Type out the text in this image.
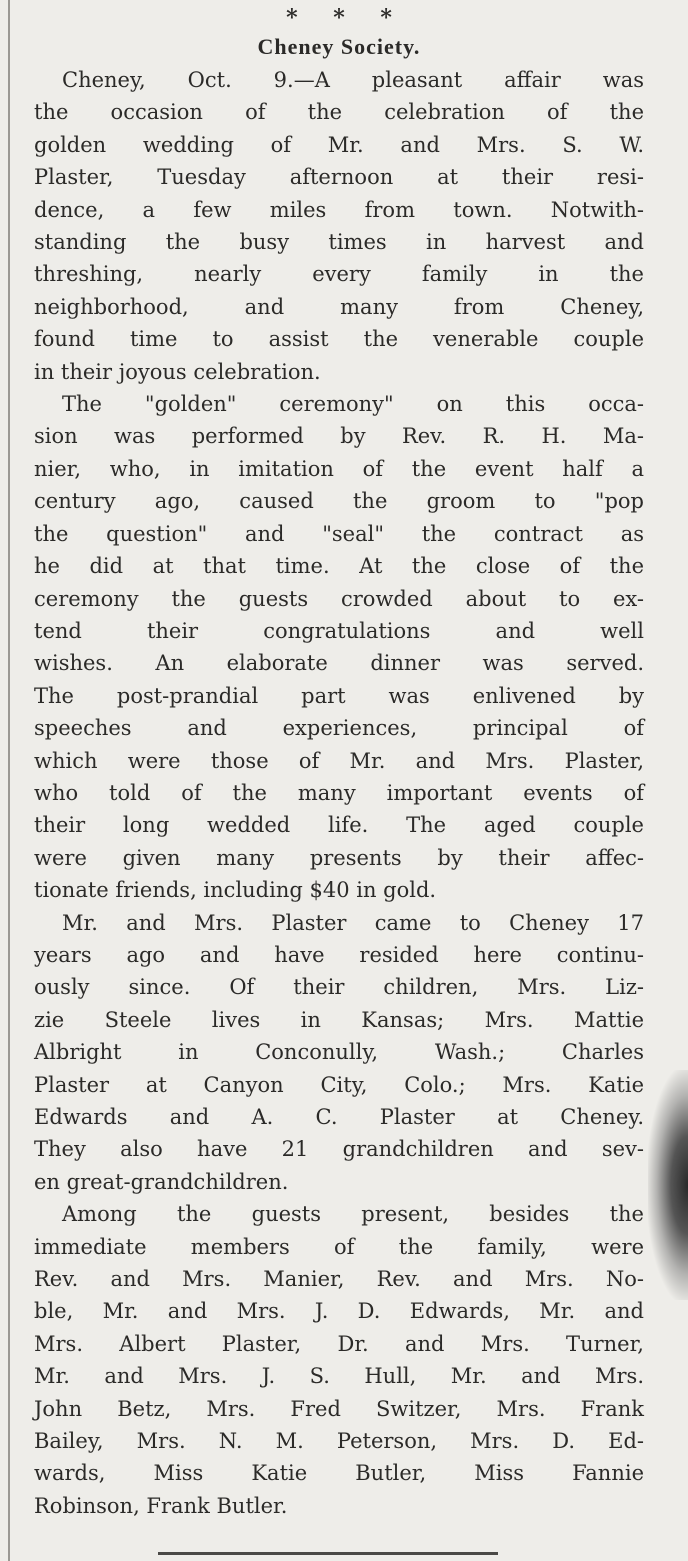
* * *
Cheney Society.
Cheney, Oct. 9.—A pleasant affair was
the occasion of the celebration of the
golden wedding of Mr. and Mrs. S. W.
Plaster, Tuesday afternoon at their resi-
dence, a few miles from town. Notwith-
standing the busy times in harvest and
threshing, nearly every family in the
neighborhood, and many from Cheney,
found time to assist the venerable couple
in their joyous celebration.
The "golden" ceremony" on this occa-
sion was performed by Rev. R. H. Ma-
nier, who, in imitation of the event half a
century ago, caused the groom to "pop
the question" and "seal" the contract as
he did at that time. At the close of the
ceremony the guests crowded about to ex-
tend their congratulations and well
wishes. An elaborate dinner was served.
The post-prandial part was enlivened by
speeches and experiences, principal of
which were those of Mr. and Mrs. Plaster,
who told of the many important events of
their long wedded life. The aged couple
were given many presents by their affec-
tionate friends, including $40 in gold.
Mr. and Mrs. Plaster came to Cheney 17
years ago and have resided here continu-
ously since. Of their children, Mrs. Liz-
zie Steele lives in Kansas; Mrs. Mattie
Albright in Conconully, Wash.; Charles
Plaster at Canyon City, Colo.; Mrs. Katie
Edwards and A. C. Plaster at Cheney.
They also have 21 grandchildren and sev-
en great-grandchildren.
Among the guests present, besides the
immediate members of the family, were
Rev. and Mrs. Manier, Rev. and Mrs. No-
ble, Mr. and Mrs. J. D. Edwards, Mr. and
Mrs. Albert Plaster, Dr. and Mrs. Turner,
Mr. and Mrs. J. S. Hull, Mr. and Mrs.
John Betz, Mrs. Fred Switzer, Mrs. Frank
Bailey, Mrs. N. M. Peterson, Mrs. D. Ed-
wards, Miss Katie Butler, Miss Fannie
Robinson, Frank Butler.
